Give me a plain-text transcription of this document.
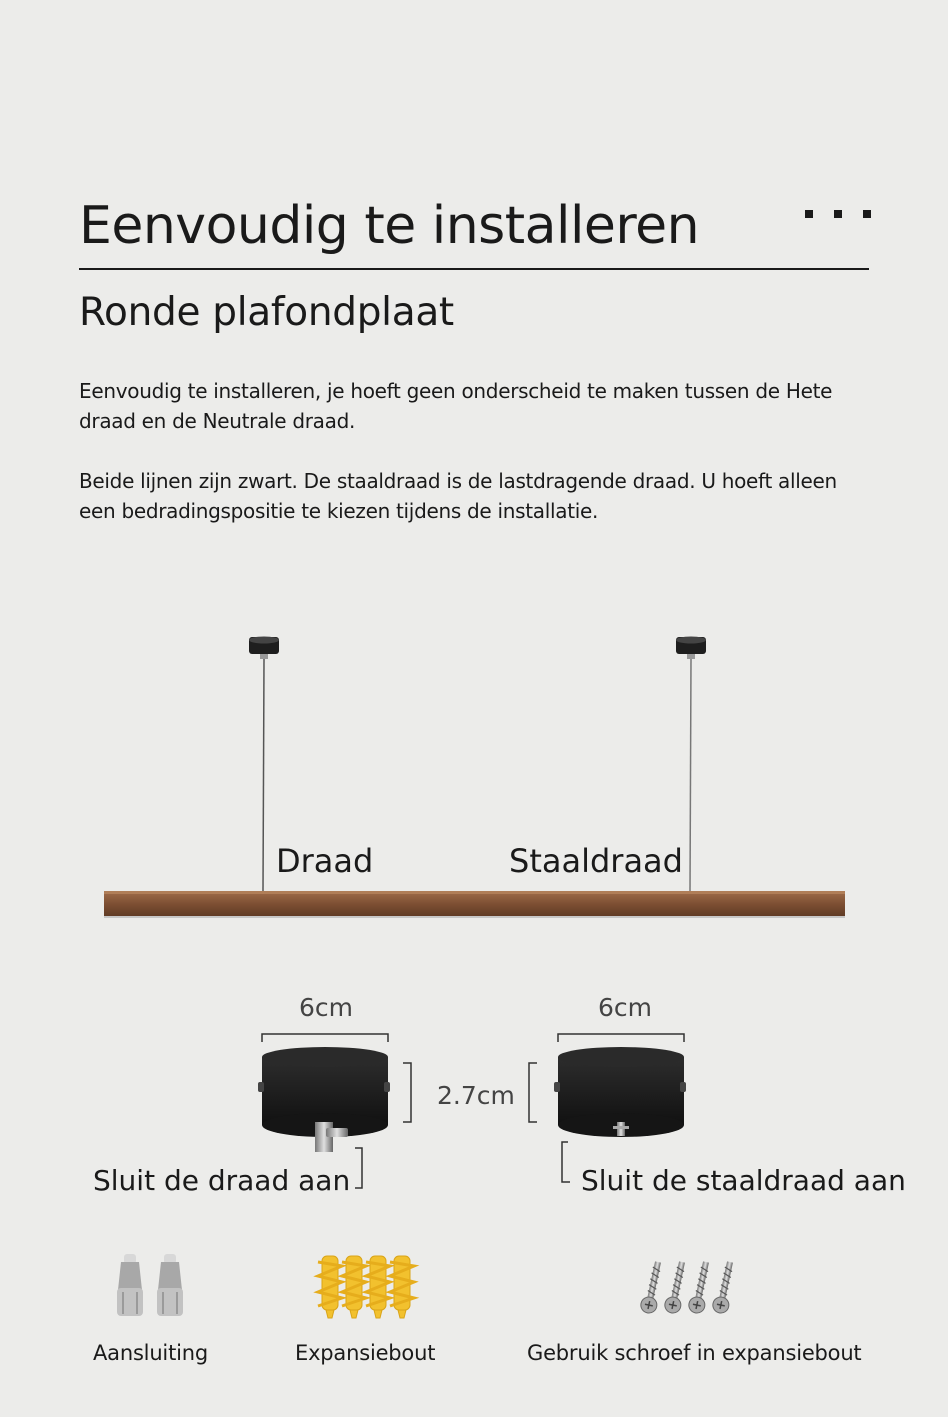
Eenvoudig te installeren
Ronde plafondplaat
Eenvoudig te installeren, je hoeft geen onderscheid te maken tussen de Hete draad en de Neutrale draad.
Beide lijnen zijn zwart. De staaldraad is de lastdragende draad. U hoeft alleen een bedradingspositie te kiezen tijdens de installatie.
Draad	Staaldraad
6cm	6cm
2.7cm
Sluit de draad aan	Sluit de staaldraad aan
Aansluiting	Expansiebout	Gebruik schroef in expansiebout
